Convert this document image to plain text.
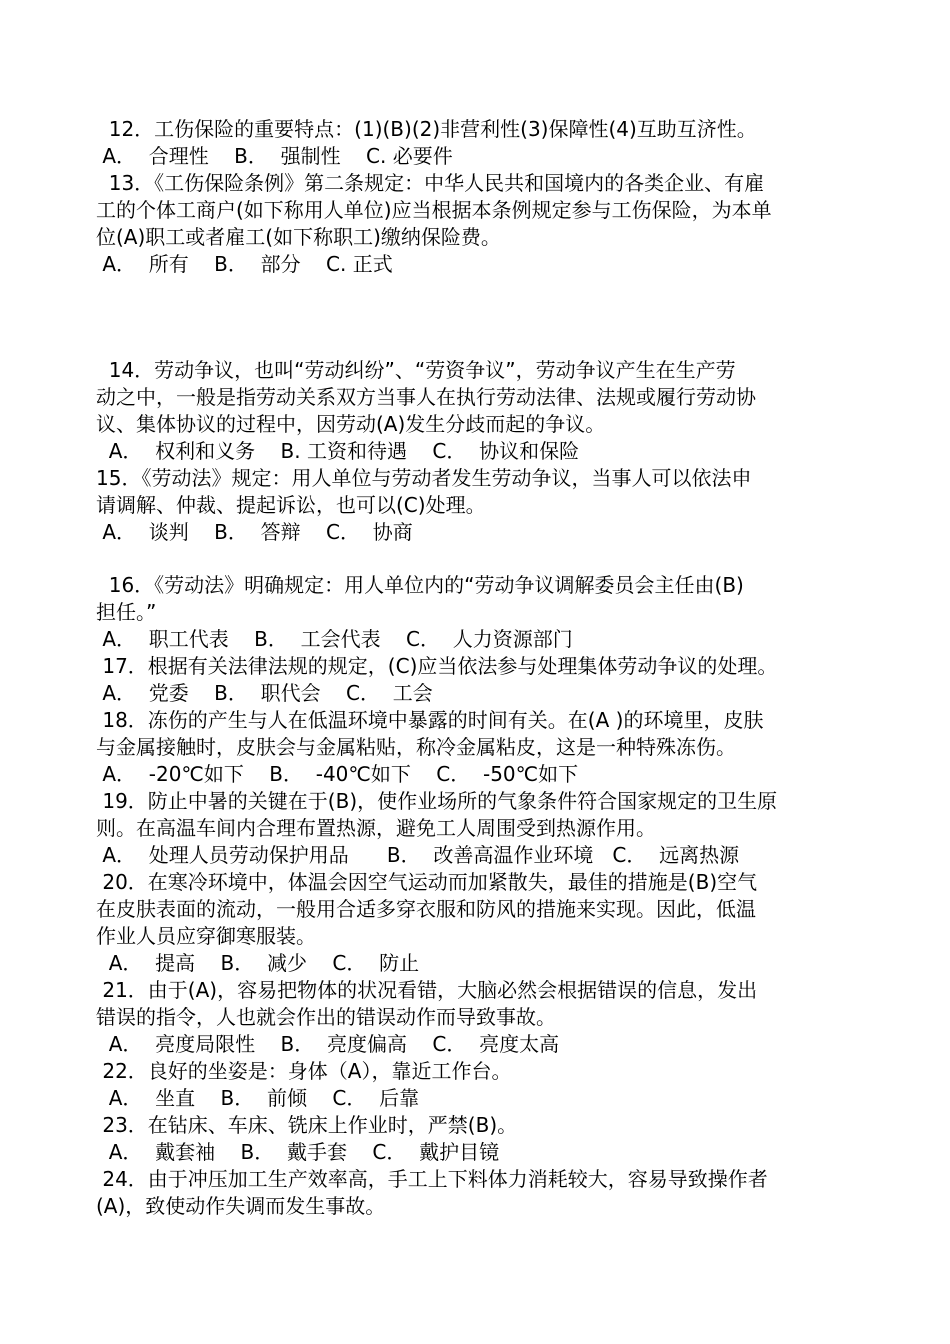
12．工伤保险的重要特点：(1)(B)(2)非营利性(3)保障性(4)互助互济性。
A．  合理性    B．  强制性    C. 必要件
13．《工伤保险条例》第二条规定：中华人民共和国境内的各类企业、有雇
工的个体工商户(如下称用人单位)应当根据本条例规定参与工伤保险，为本单
位(A)职工或者雇工(如下称职工)缴纳保险费。
A．  所有    B．  部分    C. 正式
14．劳动争议，也叫“劳动纠纷”、“劳资争议”，劳动争议产生在生产劳
动之中，一般是指劳动关系双方当事人在执行劳动法律、法规或履行劳动协
议、集体协议的过程中，因劳动(A)发生分歧而起的争议。
A．  权利和义务    B. 工资和待遇    C．  协议和保险
15．《劳动法》规定：用人单位与劳动者发生劳动争议，当事人可以依法申
请调解、仲裁、提起诉讼，也可以(C)处理。
A．  谈判    B．  答辩    C．  协商
16．《劳动法》明确规定：用人单位内的“劳动争议调解委员会主任由(B)
担任。”
A．  职工代表    B．  工会代表    C．  人力资源部门
17．根据有关法律法规的规定，(C)应当依法参与处理集体劳动争议的处理。
A．  党委    B．  职代会    C．  工会
18．冻伤的产生与人在低温环境中暴露的时间有关。在(A )的环境里，皮肤
与金属接触时，皮肤会与金属粘贴，称冷金属粘皮，这是一种特殊冻伤。
A．  -20℃如下    B．  -40℃如下    C．  -50℃如下
19．防止中暑的关键在于(B)，使作业场所的气象条件符合国家规定的卫生原
则。在高温车间内合理布置热源，避免工人周围受到热源作用。
A．  处理人员劳动保护用品      B．  改善高温作业环境   C．  远离热源
20．在寒冷环境中，体温会因空气运动而加紧散失，最佳的措施是(B)空气
在皮肤表面的流动，一般用合适多穿衣服和防风的措施来实现。因此，低温
作业人员应穿御寒服装。
A．  提高    B．  减少    C．  防止
21．由于(A)，容易把物体的状况看错，大脑必然会根据错误的信息，发出
错误的指令，人也就会作出的错误动作而导致事故。
A．  亮度局限性    B．  亮度偏高    C．  亮度太高
22．良好的坐姿是：身体（A），靠近工作台。
A．  坐直    B．  前倾    C．  后靠
23．在钻床、车床、铣床上作业时，严禁(B)。
A．  戴套袖    B．  戴手套    C．  戴护目镜
24．由于冲压加工生产效率高，手工上下料体力消耗较大，容易导致操作者
(A)，致使动作失调而发生事故。
